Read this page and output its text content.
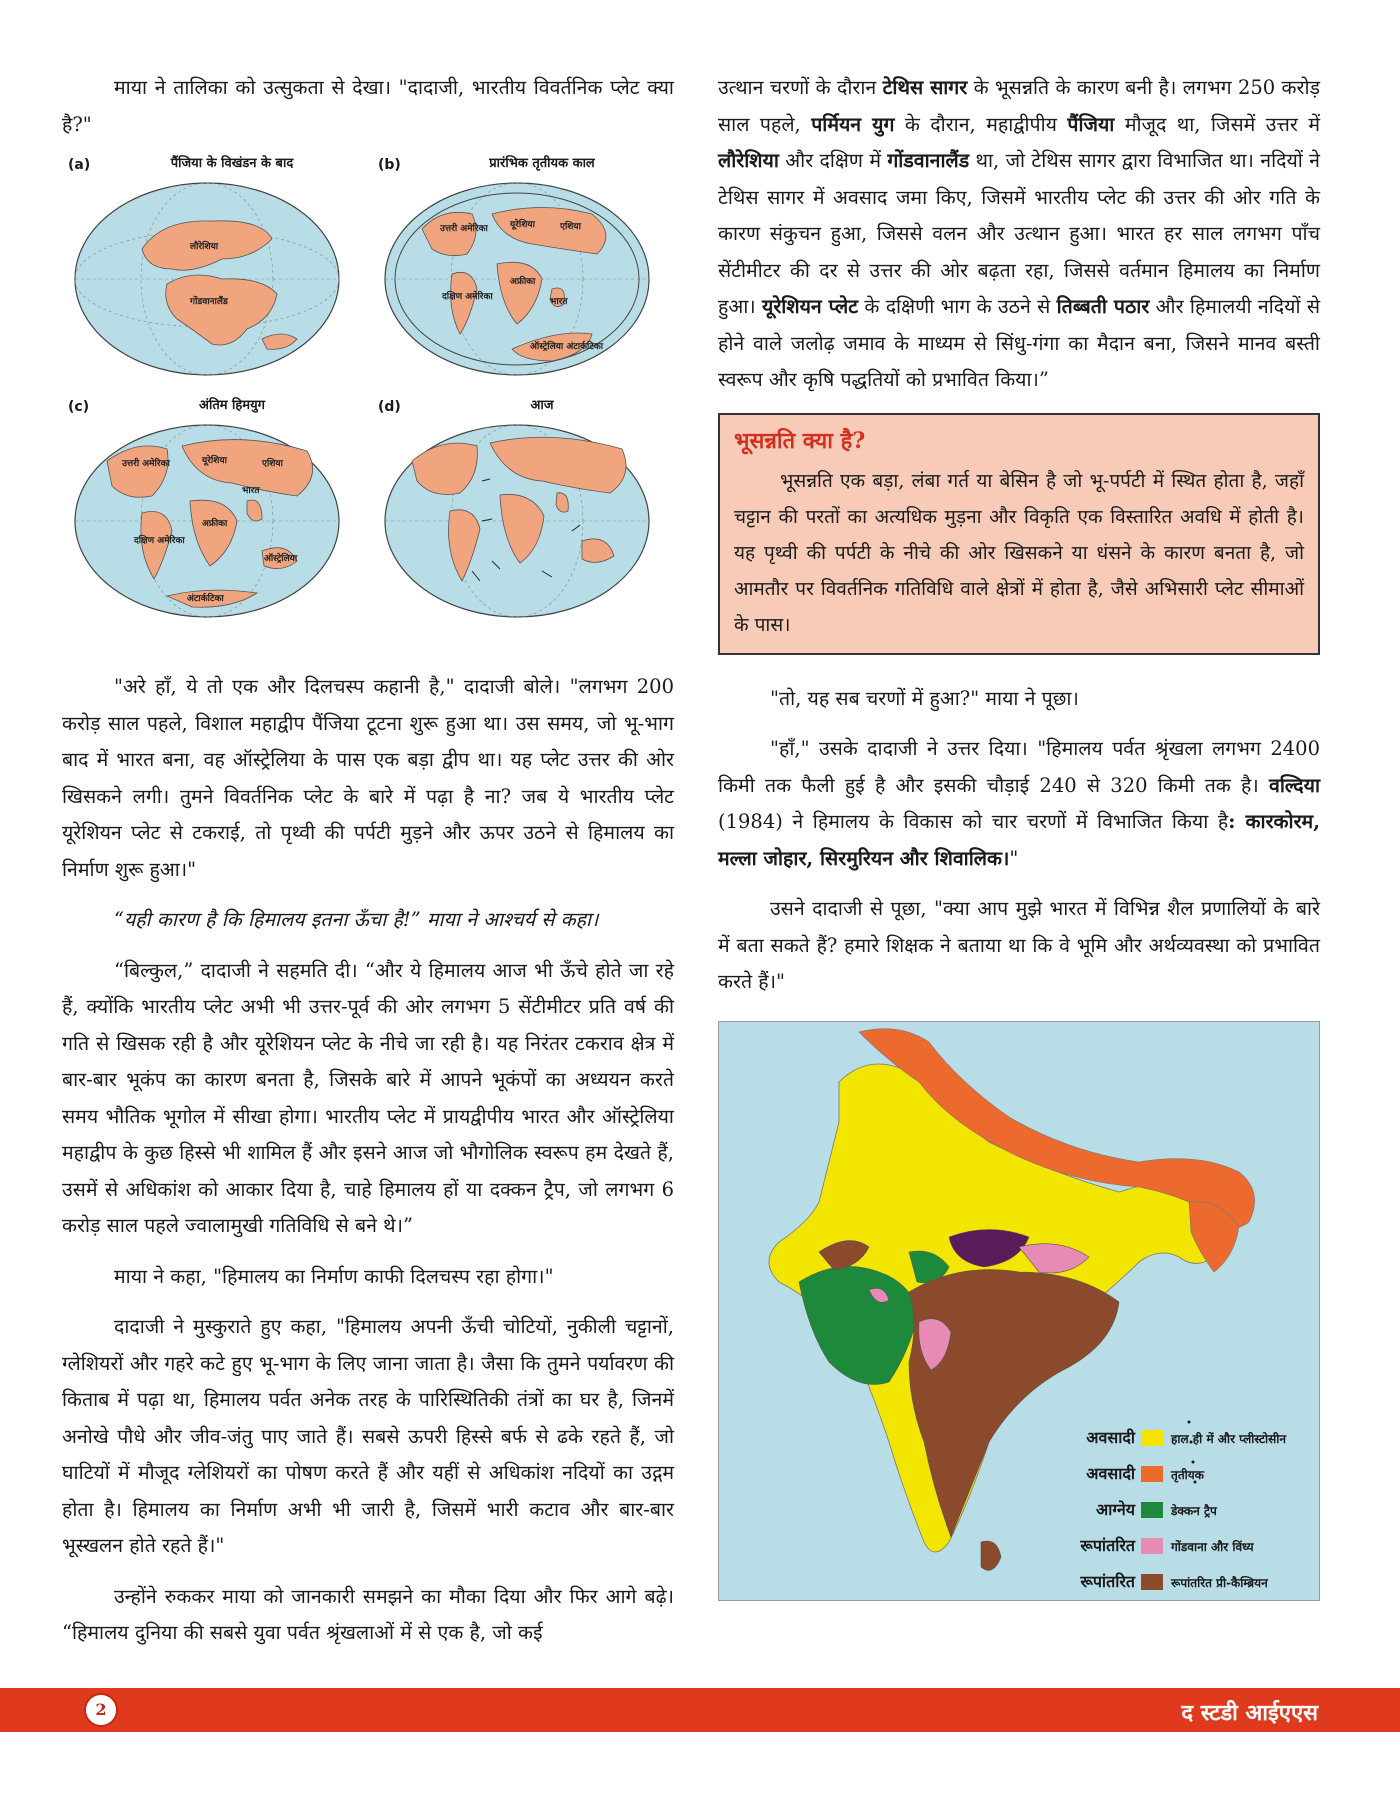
माया ने तालिका को उत्सुकता से देखा। "दादाजी, भारतीय विवर्तनिक प्लेट क्या है?"

(a)	पैंजिया के विखंडन के बाद
लौरेशिया
गोंडवानालैंड
(b)	प्रारंभिक तृतीयक काल
उत्तरी अमेरिका यूरेशिया	एशिया
अफ्रीका
दक्षिण अमेरिका	भारत
ऑस्ट्रेलिया अंटार्कटिका
(c)	अंतिम हिमयुग
उत्तरी अमेरिका	यूरेशिया	एशिया
अफ्रीका
भारत
दक्षिण अमेरिका
ऑस्ट्रेलिया
अंटार्कटिका
(d)	आज

"अरे हाँ, ये तो एक और दिलचस्प कहानी है," दादाजी बोले। "लगभग 200 करोड़ साल पहले, विशाल महाद्वीप पैंजिया टूटना शुरू हुआ था। उस समय, जो भू-भाग बाद में भारत बना, वह ऑस्ट्रेलिया के पास एक बड़ा द्वीप था। यह प्लेट उत्तर की ओर खिसकने लगी। तुमने विवर्तनिक प्लेट के बारे में पढ़ा है ना? जब ये भारतीय प्लेट यूरेशियन प्लेट से टकराई, तो पृथ्वी की पर्पटी मुड़ने और ऊपर उठने से हिमालय का निर्माण शुरू हुआ।"

“यही कारण है कि हिमालय इतना ऊँचा है!” माया ने आश्चर्य से कहा।

“बिल्कुल,” दादाजी ने सहमति दी। “और ये हिमालय आज भी ऊँचे होते जा रहे हैं, क्योंकि भारतीय प्लेट अभी भी उत्तर-पूर्व की ओर लगभग 5 सेंटीमीटर प्रति वर्ष की गति से खिसक रही है और यूरेशियन प्लेट के नीचे जा रही है। यह निरंतर टकराव क्षेत्र में बार-बार भूकंप का कारण बनता है, जिसके बारे में आपने भूकंपों का अध्ययन करते समय भौतिक भूगोल में सीखा होगा। भारतीय प्लेट में प्रायद्वीपीय भारत और ऑस्ट्रेलिया महाद्वीप के कुछ हिस्से भी शामिल हैं और इसने आज जो भौगोलिक स्वरूप हम देखते हैं, उसमें से अधिकांश को आकार दिया है, चाहे हिमालय हों या दक्कन ट्रैप, जो लगभग 6 करोड़ साल पहले ज्वालामुखी गतिविधि से बने थे।”

माया ने कहा, "हिमालय का निर्माण काफी दिलचस्प रहा होगा।"

दादाजी ने मुस्कुराते हुए कहा, "हिमालय अपनी ऊँची चोटियों, नुकीली चट्टानों, ग्लेशियरों और गहरे कटे हुए भू-भाग के लिए जाना जाता है। जैसा कि तुमने पर्यावरण की किताब में पढ़ा था, हिमालय पर्वत अनेक तरह के पारिस्थितिकी तंत्रों का घर है, जिनमें अनोखे पौधे और जीव-जंतु पाए जाते हैं। सबसे ऊपरी हिस्से बर्फ से ढके रहते हैं, जो घाटियों में मौजूद ग्लेशियरों का पोषण करते हैं और यहीं से अधिकांश नदियों का उद्गम होता है। हिमालय का निर्माण अभी भी जारी है, जिसमें भारी कटाव और बार-बार भूस्खलन होते रहते हैं।"

उन्होंने रुककर माया को जानकारी समझने का मौका दिया और फिर आगे बढ़े। “हिमालय दुनिया की सबसे युवा पर्वत श्रृंखलाओं में से एक है, जो कई

उत्थान चरणों के दौरान टेथिस सागर के भूसन्नति के कारण बनी है। लगभग 250 करोड़ साल पहले, पर्मियन युग के दौरान, महाद्वीपीय पैंजिया मौजूद था, जिसमें उत्तर में लौरेशिया और दक्षिण में गोंडवानालैंड था, जो टेथिस सागर द्वारा विभाजित था। नदियों ने टेथिस सागर में अवसाद जमा किए, जिसमें भारतीय प्लेट की उत्तर की ओर गति के कारण संकुचन हुआ, जिससे वलन और उत्थान हुआ। भारत हर साल लगभग पाँच सेंटीमीटर की दर से उत्तर की ओर बढ़ता रहा, जिससे वर्तमान हिमालय का निर्माण हुआ। यूरेशियन प्लेट के दक्षिणी भाग के उठने से तिब्बती पठार और हिमालयी नदियों से होने वाले जलोढ़ जमाव के माध्यम से सिंधु-गंगा का मैदान बना, जिसने मानव बस्ती स्वरूप और कृषि पद्धतियों को प्रभावित किया।”

भूसन्नति क्या है?

भूसन्नति एक बड़ा, लंबा गर्त या बेसिन है जो भू-पर्पटी में स्थित होता है, जहाँ चट्टान की परतों का अत्यधिक मुड़ना और विकृति एक विस्तारित अवधि में होती है। यह पृथ्वी की पर्पटी के नीचे की ओर खिसकने या धंसने के कारण बनता है, जो आमतौर पर विवर्तनिक गतिविधि वाले क्षेत्रों में होता है, जैसे अभिसारी प्लेट सीमाओं के पास।

"तो, यह सब चरणों में हुआ?" माया ने पूछा।

"हाँ," उसके दादाजी ने उत्तर दिया। "हिमालय पर्वत श्रृंखला लगभग 2400 किमी तक फैली हुई है और इसकी चौड़ाई 240 से 320 किमी तक है। वल्दिया (1984) ने हिमालय के विकास को चार चरणों में विभाजित किया है: कारकोरम, मल्ला जोहार, सिरमुरियन और शिवालिक।"

उसने दादाजी से पूछा, "क्या आप मुझे भारत में विभिन्न शैल प्रणालियों के बारे में बता सकते हैं? हमारे शिक्षक ने बताया था कि वे भूमि और अर्थव्यवस्था को प्रभावित करते हैं।"

अवसादी	हाल ही में और प्लीस्टोसीन
अवसादी	तृतीयक
आग्नेय	डेक्कन ट्रैप
रूपांतरित	गोंडवाना और विंध्य
रूपांतरित	रूपांतरित प्री-कैम्ब्रियन
2	द स्टडी आईएएस
